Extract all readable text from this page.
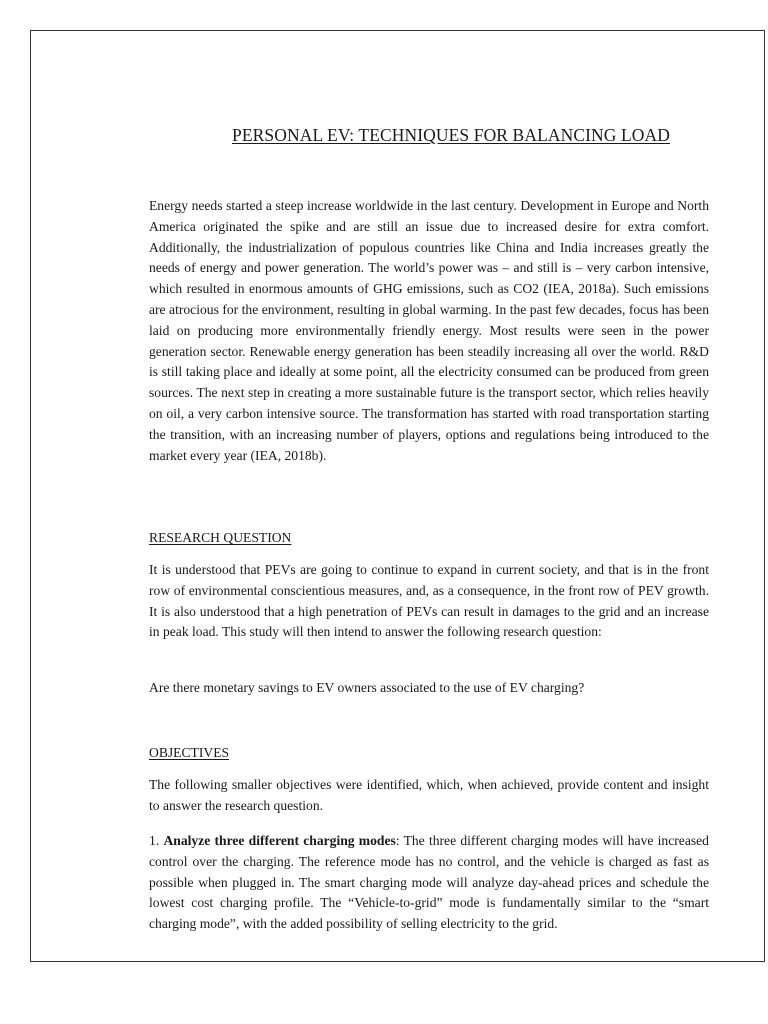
PERSONAL EV: TECHNIQUES FOR BALANCING LOAD

Energy needs started a steep increase worldwide in the last century. Development in Europe and North America originated the spike and are still an issue due to increased desire for extra comfort. Additionally, the industrialization of populous countries like China and India increases greatly the needs of energy and power generation. The world’s power was – and still is – very carbon intensive, which resulted in enormous amounts of GHG emissions, such as CO2 (IEA, 2018a). Such emissions are atrocious for the environment, resulting in global warming. In the past few decades, focus has been laid on producing more environmentally friendly energy. Most results were seen in the power generation sector. Renewable energy generation has been steadily increasing all over the world. R&D is still taking place and ideally at some point, all the electricity consumed can be produced from green sources. The next step in creating a more sustainable future is the transport sector, which relies heavily on oil, a very carbon intensive source. The transformation has started with road transportation starting the transition, with an increasing number of players, options and regulations being introduced to the market every year (IEA, 2018b).

RESEARCH QUESTION

It is understood that PEVs are going to continue to expand in current society, and that is in the front row of environmental conscientious measures, and, as a consequence, in the front row of PEV growth. It is also understood that a high penetration of PEVs can result in damages to the grid and an increase in peak load. This study will then intend to answer the following research question:

Are there monetary savings to EV owners associated to the use of EV charging?

OBJECTIVES

The following smaller objectives were identified, which, when achieved, provide content and insight to answer the research question.

1. Analyze three different charging modes: The three different charging modes will have increased control over the charging. The reference mode has no control, and the vehicle is charged as fast as possible when plugged in. The smart charging mode will analyze day-ahead prices and schedule the lowest cost charging profile. The “Vehicle-to-grid” mode is fundamentally similar to the “smart charging mode”, with the added possibility of selling electricity to the grid.
